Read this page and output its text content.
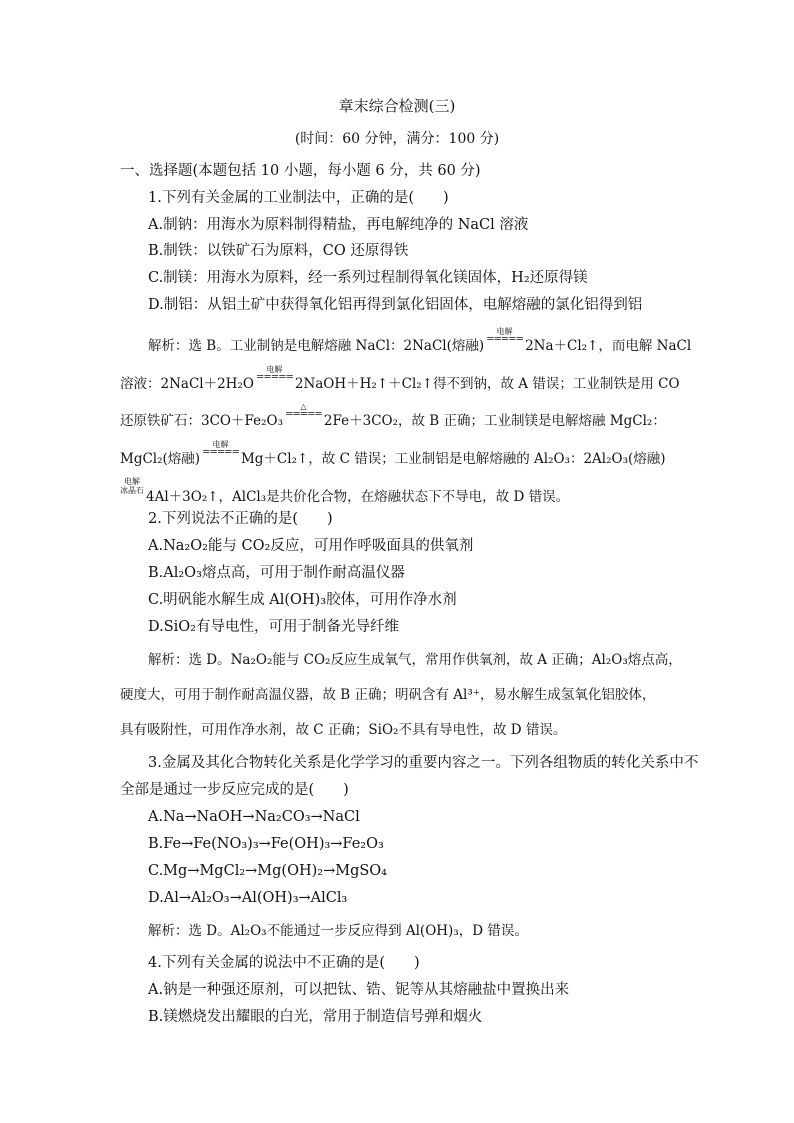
章末综合检测(三)
(时间：60 分钟，满分：100 分)
一、选择题(本题包括 10 小题，每小题 6 分，共 60 分)
1.下列有关金属的工业制法中，正确的是(　　)
A.制钠：用海水为原料制得精盐，再电解纯净的 NaCl 溶液
B.制铁：以铁矿石为原料，CO 还原得铁
C.制镁：用海水为原料，经一系列过程制得氧化镁固体，H₂还原得镁
D.制铝：从铝土矿中获得氧化铝再得到氯化铝固体，电解熔融的氯化铝得到铝
解析：选 B。工业制钠是电解熔融 NaCl：2NaCl(熔融)
电解
===== 2Na＋Cl₂↑，而电解 NaCl
溶液：2NaCl＋2H₂O
电解
===== 2NaOH＋H₂↑＋Cl₂↑得不到钠，故 A 错误；工业制铁是用 CO
还原铁矿石：3CO＋Fe₂O₃
△
===== 2Fe＋3CO₂，故 B 正确；工业制镁是电解熔融 MgCl₂：
MgCl₂(熔融)
电解
===== Mg＋Cl₂↑，故 C 错误；工业制铝是电解熔融的 Al₂O₃：2Al₂O₃(熔融)
电解
冰晶石 4Al＋3O₂↑，AlCl₃是共价化合物，在熔融状态下不导电，故 D 错误。
2.下列说法不正确的是(　　)
A.Na₂O₂能与 CO₂反应，可用作呼吸面具的供氧剂
B.Al₂O₃熔点高，可用于制作耐高温仪器
C.明矾能水解生成 Al(OH)₃胶体，可用作净水剂
D.SiO₂有导电性，可用于制备光导纤维
解析：选 D。Na₂O₂能与 CO₂反应生成氧气，常用作供氧剂，故 A 正确；Al₂O₃熔点高，
硬度大，可用于制作耐高温仪器，故 B 正确；明矾含有 Al³⁺，易水解生成氢氧化铝胶体，
具有吸附性，可用作净水剂，故 C 正确；SiO₂不具有导电性，故 D 错误。
3.金属及其化合物转化关系是化学学习的重要内容之一。下列各组物质的转化关系中不
全部是通过一步反应完成的是(　　)
A.Na→NaOH→Na₂CO₃→NaCl
B.Fe→Fe(NO₃)₃→Fe(OH)₃→Fe₂O₃
C.Mg→MgCl₂→Mg(OH)₂→MgSO₄
D.Al→Al₂O₃→Al(OH)₃→AlCl₃
解析：选 D。Al₂O₃不能通过一步反应得到 Al(OH)₃，D 错误。
4.下列有关金属的说法中不正确的是(　　)
A.钠是一种强还原剂，可以把钛、锆、铌等从其熔融盐中置换出来
B.镁燃烧发出耀眼的白光，常用于制造信号弹和烟火
